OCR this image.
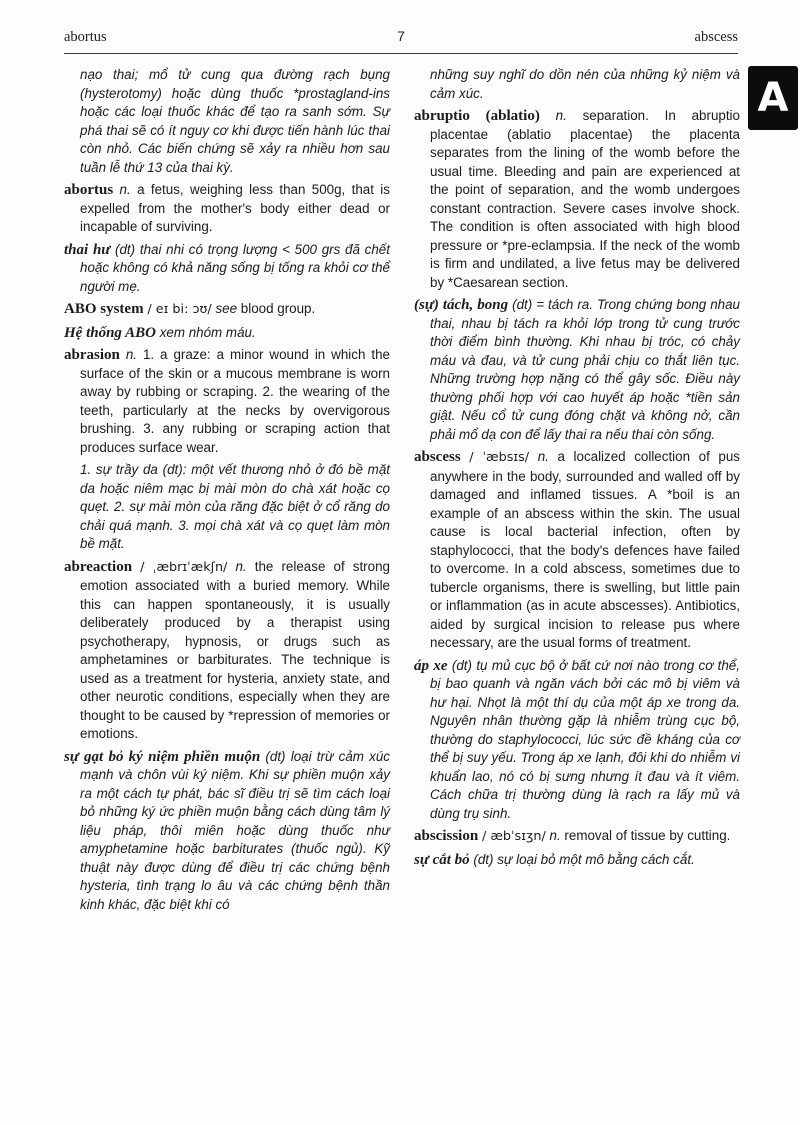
abortus	7	abscess
A

nạo thai; mổ tử cung qua đường rạch bụng (hysterotomy) hoặc dùng thuốc *prostagland-ins hoặc các loại thuốc khác để tạo ra sanh sớm. Sự phá thai sẽ có ít nguy cơ khi được tiến hành lúc thai còn nhỏ. Các biến chứng sẽ xảy ra nhiều hơn sau tuần lễ thứ 13 của thai kỳ.

abortus n. a fetus, weighing less than 500g, that is expelled from the mother's body either dead or incapable of surviving.

thai hư (dt) thai nhi có trọng lượng < 500 grs đã chết hoặc không có khả năng sống bị tống ra khỏi cơ thể người mẹ.

ABO system / eɪ bi: ɔʊ/ see blood group.

Hệ thống ABO xem nhóm máu.

abrasion n. 1. a graze: a minor wound in which the surface of the skin or a mucous membrane is worn away by rubbing or scraping. 2. the wearing of the teeth, particularly at the necks by overvigorous brushing. 3. any rubbing or scraping action that produces surface wear.

1. sự trầy da (dt): một vết thương nhỏ ở đó bề mặt da hoặc niêm mạc bị mài mòn do chà xát hoặc cọ quẹt. 2. sự mài mòn của răng đặc biệt ở cổ răng do chải quá mạnh. 3. mọi chà xát và cọ quẹt làm mòn bề mặt.

abreaction / ˌæbrɪˈækʃn/ n. the release of strong emotion associated with a buried memory. While this can happen spontaneously, it is usually deliberately produced by a therapist using psychotherapy, hypnosis, or drugs such as amphetamines or barbiturates. The technique is used as a treatment for hysteria, anxiety state, and other neurotic conditions, especially when they are thought to be caused by *repression of memories or emotions.

sự gạt bỏ ký niệm phiền muộn (dt) loại trừ cảm xúc mạnh và chôn vùi ký niệm. Khi sự phiền muộn xảy ra một cách tự phát, bác sĩ điều trị sẽ tìm cách loại bỏ những ký ức phiền muộn bằng cách dùng tâm lý liệu pháp, thôi miên hoặc dùng thuốc như amyphetamine hoặc barbiturates (thuốc ngủ). Kỹ thuật này được dùng để điều trị các chứng bệnh hysteria, tình trạng lo âu và các chứng bệnh thần kinh khác, đặc biệt khi có

những suy nghĩ do dồn nén của những kỷ niệm và cảm xúc.

abruptio (ablatio) n. separation. In abruptio placentae (ablatio placentae) the placenta separates from the lining of the womb before the usual time. Bleeding and pain are experienced at the point of separation, and the womb undergoes constant contraction. Severe cases involve shock. The condition is often associated with high blood pressure or *pre-eclampsia. If the neck of the womb is firm and undilated, a live fetus may be delivered by *Caesarean section.

(sự) tách, bong (dt) = tách ra. Trong chứng bong nhau thai, nhau bị tách ra khỏi lớp trong tử cung trước thời điểm bình thường. Khi nhau bị tróc, có chảy máu và đau, và tử cung phải chịu co thắt liên tục. Những trường hợp nặng có thể gây sốc. Điều này thường phối hợp với cao huyết áp hoặc *tiền sản giật. Nếu cổ tử cung đóng chặt và không nở, cần phải mổ dạ con để lấy thai ra nếu thai còn sống.

abscess / ˈæbsɪs/ n. a localized collection of pus anywhere in the body, surrounded and walled off by damaged and inflamed tissues. A *boil is an example of an abscess within the skin. The usual cause is local bacterial infection, often by staphylococci, that the body's defences have failed to overcome. In a cold abscess, sometimes due to tubercle organisms, there is swelling, but little pain or inflammation (as in acute abscesses). Antibiotics, aided by surgical incision to release pus where necessary, are the usual forms of treatment.

áp xe (dt) tụ mủ cục bộ ở bất cứ nơi nào trong cơ thể, bị bao quanh và ngăn vách bởi các mô bị viêm và hư hại. Nhọt là một thí dụ của một áp xe trong da. Nguyên nhân thường gặp là nhiễm trùng cục bộ, thường do staphylococci, lúc sức đề kháng của cơ thể bị suy yếu. Trong áp xe lạnh, đôi khi do nhiễm vi khuẩn lao, nó có bị sưng nhưng ít đau và ít viêm. Cách chữa trị thường dùng là rạch ra lấy mủ và dùng trụ sinh.

abscission / æbˈsɪʒn/ n. removal of tissue by cutting.

sự cắt bỏ (dt) sự loại bỏ một mô bằng cách cắt.
